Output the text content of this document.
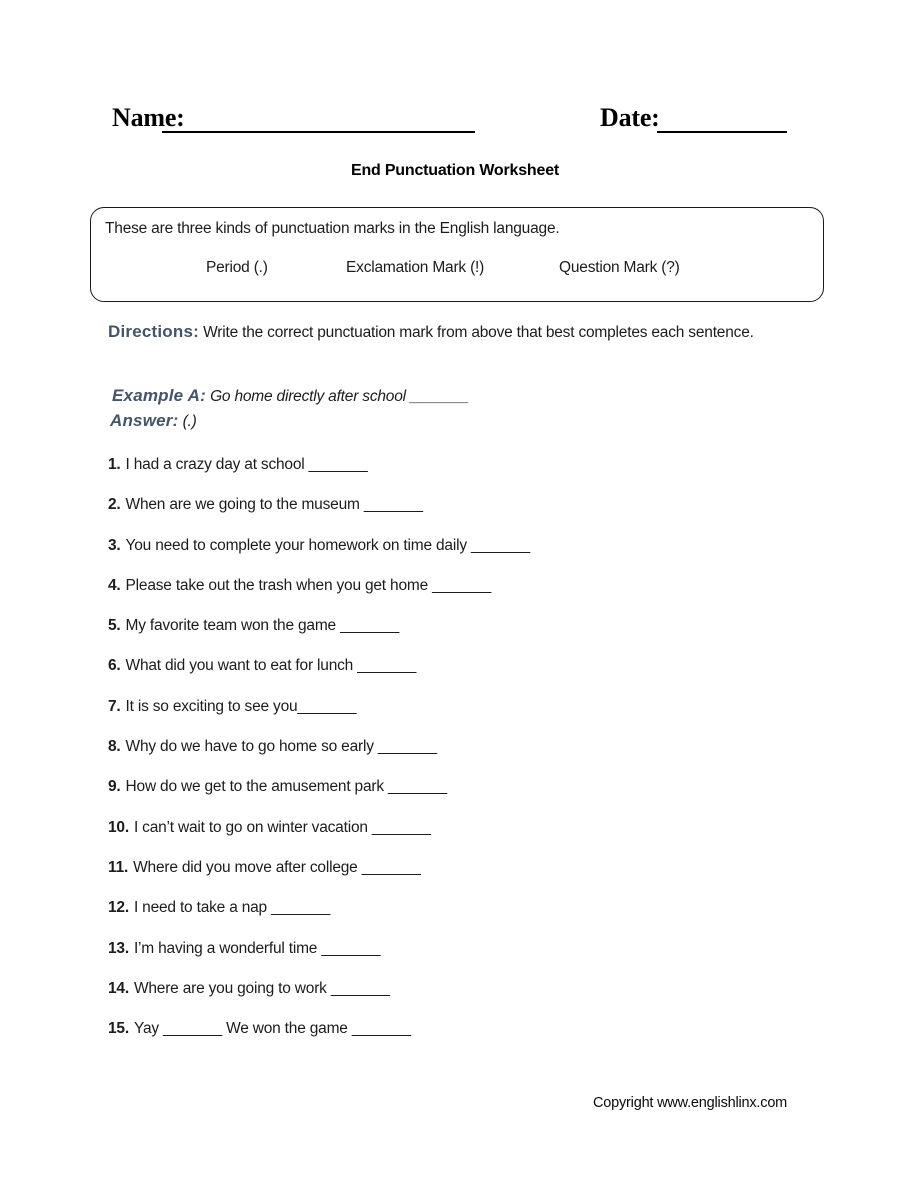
Name:	Date:
End Punctuation Worksheet
These are three kinds of punctuation marks in the English language.
Period (.)	Exclamation Mark (!)	Question Mark (?)
Directions: Write the correct punctuation mark from above that best completes each sentence.
Example A: Go home directly after school _______
Answer: (.)
1. I had a crazy day at school _______
2. When are we going to the museum _______
3. You need to complete your homework on time daily _______
4. Please take out the trash when you get home _______
5. My favorite team won the game _______
6. What did you want to eat for lunch _______
7. It is so exciting to see you_______
8. Why do we have to go home so early _______
9. How do we get to the amusement park _______
10. I can’t wait to go on winter vacation _______
11. Where did you move after college _______
12. I need to take a nap _______
13. I’m having a wonderful time _______
14. Where are you going to work _______
15. Yay _______ We won the game _______
Copyright www.englishlinx.com
